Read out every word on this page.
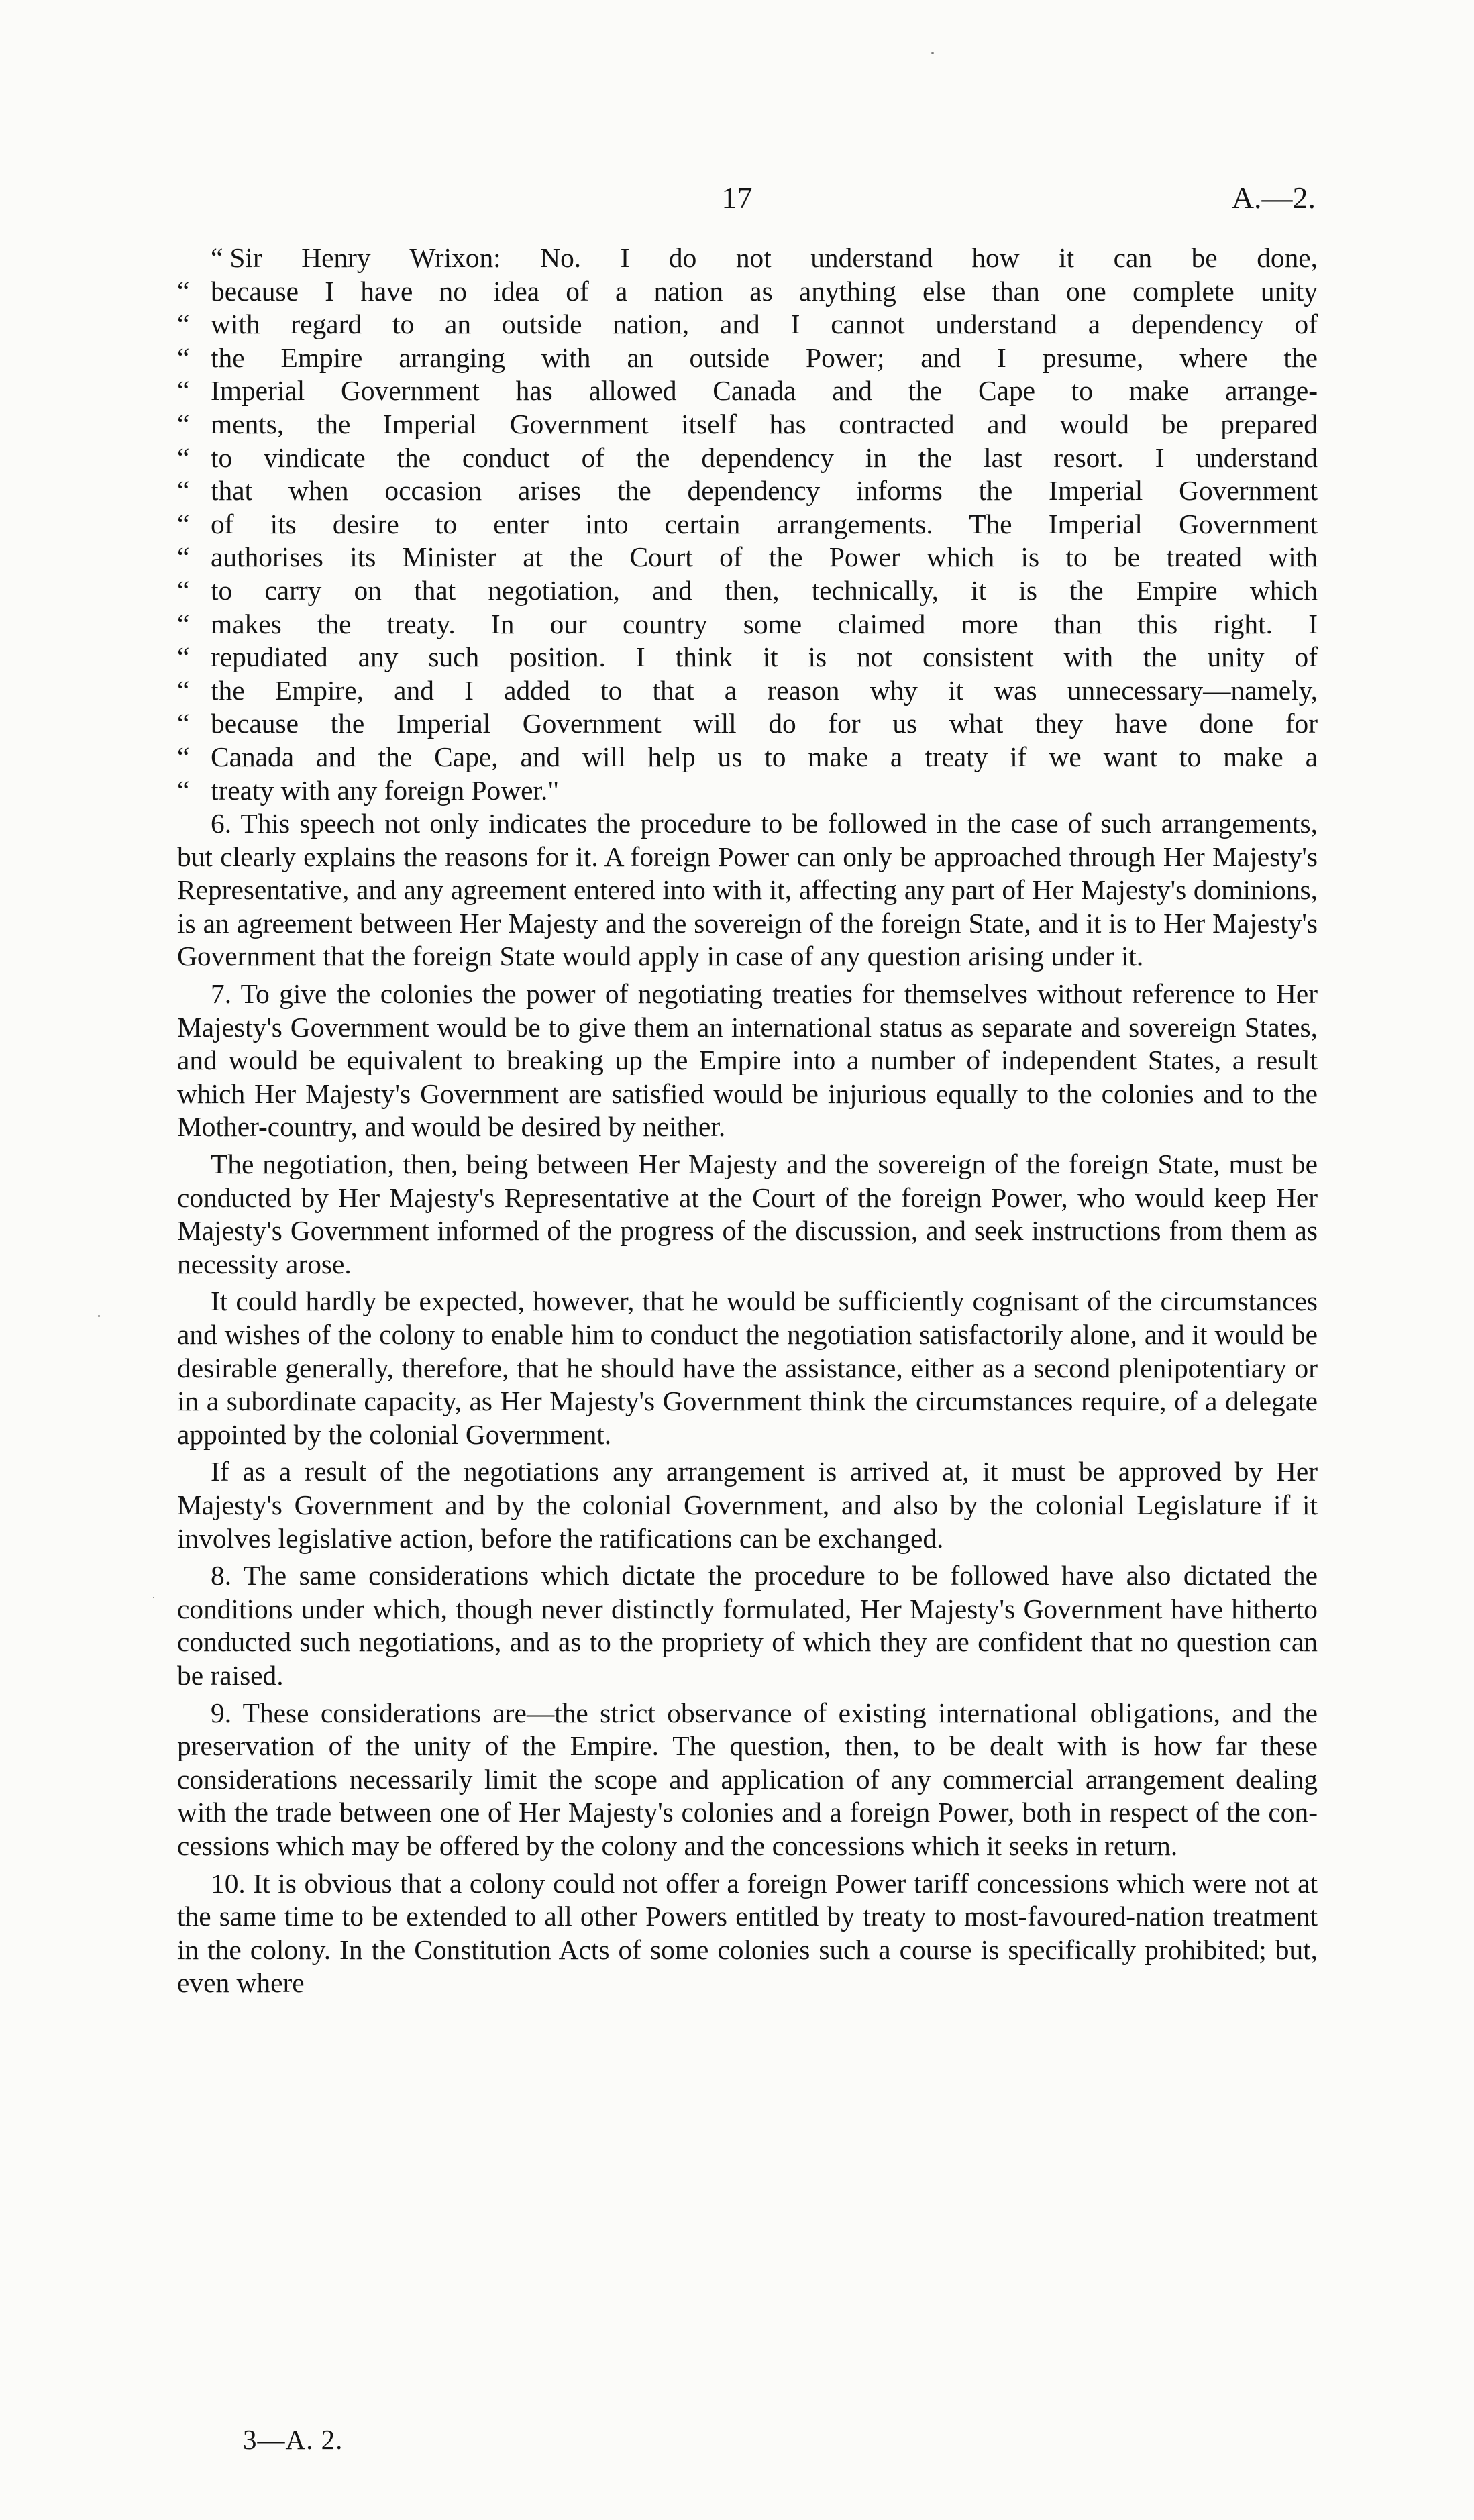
17	A.—2.
“ Sir Henry Wrixon: No. I do not understand how it can be done,
“ because I have no idea of a nation as anything else than one complete unity
“ with regard to an outside nation, and I cannot understand a dependency of
“ the Empire arranging with an outside Power; and I presume, where the
“ Imperial Government has allowed Canada and the Cape to make arrange-
“ ments, the Imperial Government itself has contracted and would be prepared
“ to vindicate the conduct of the dependency in the last resort. I understand
“ that when occasion arises the dependency informs the Imperial Government
“ of its desire to enter into certain arrangements. The Imperial Government
“ authorises its Minister at the Court of the Power which is to be treated with
“ to carry on that negotiation, and then, technically, it is the Empire which
“ makes the treaty. In our country some claimed more than this right. I
“ repudiated any such position. I think it is not consistent with the unity of
“ the Empire, and I added to that a reason why it was unnecessary—namely,
“ because the Imperial Government will do for us what they have done for
“ Canada and the Cape, and will help us to make a treaty if we want to make a
“ treaty with any foreign Power."

6. This speech not only indicates the procedure to be followed in the case of such arrangements, but clearly explains the reasons for it. A foreign Power can only be approached through Her Majesty's Representative, and any agreement entered into with it, affecting any part of Her Majesty's dominions, is an agreement between Her Majesty and the sovereign of the foreign State, and it is to Her Majesty's Government that the foreign State would apply in case of any question arising under it.

7. To give the colonies the power of negotiating treaties for themselves without reference to Her Majesty's Government would be to give them an international status as separate and sovereign States, and would be equivalent to breaking up the Empire into a number of independent States, a result which Her Majesty's Government are satisfied would be injurious equally to the colonies and to the Mother-country, and would be desired by neither.

The negotiation, then, being between Her Majesty and the sovereign of the foreign State, must be conducted by Her Majesty's Representative at the Court of the foreign Power, who would keep Her Majesty's Government informed of the progress of the discussion, and seek instructions from them as necessity arose.

It could hardly be expected, however, that he would be sufficiently cognisant of the circumstances and wishes of the colony to enable him to conduct the negotiation satisfactorily alone, and it would be desirable generally, therefore, that he should have the assistance, either as a second plenipotentiary or in a subordinate capacity, as Her Majesty's Government think the circumstances require, of a delegate appointed by the colonial Government.

If as a result of the negotiations any arrangement is arrived at, it must be approved by Her Majesty's Government and by the colonial Government, and also by the colonial Legislature if it involves legislative action, before the ratifications can be exchanged.

8. The same considerations which dictate the procedure to be followed have also dictated the conditions under which, though never distinctly formulated, Her Majesty's Government have hitherto conducted such negotiations, and as to the propriety of which they are confident that no question can be raised.

9. These considerations are—the strict observance of existing international obligations, and the preservation of the unity of the Empire. The question, then, to be dealt with is how far these considerations necessarily limit the scope and application of any commercial arrangement dealing with the trade between one of Her Majesty's colonies and a foreign Power, both in respect of the concessions which may be offered by the colony and the concessions which it seeks in return.

10. It is obvious that a colony could not offer a foreign Power tariff concessions which were not at the same time to be extended to all other Powers entitled by treaty to most-favoured-nation treatment in the colony. In the Constitution Acts of some colonies such a course is specifically prohibited; but, even where

3—A. 2.
